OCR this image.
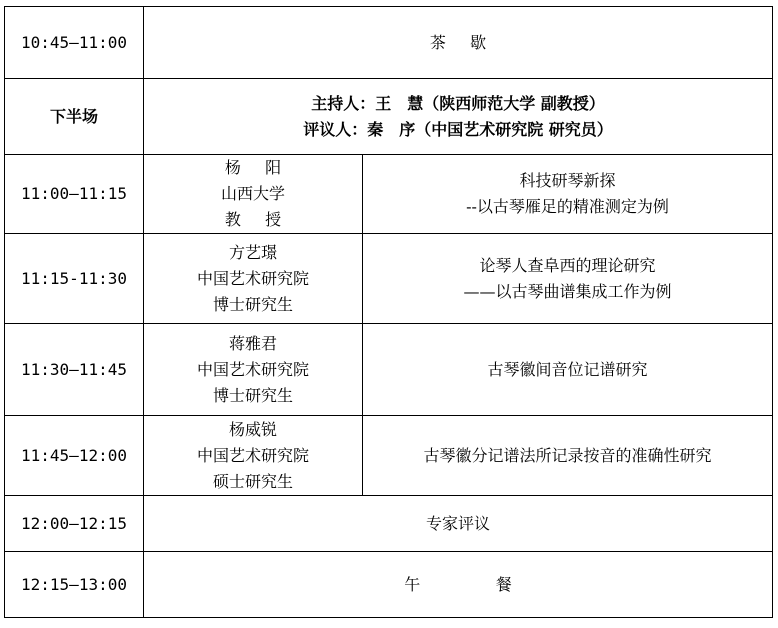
10:45—11:00	茶 歇	
下半场	主持人：王　慧（陕西师范大学 副教授）
评议人：秦　序（中国艺术研究院 研究员）	

11:00—11:15	杨 阳
山西大学
教 授	科技研琴新探
--以古琴雁足的精准测定为例

11:15-11:30	方艺璟
中国艺术研究院
博士研究生	论琴人查阜西的理论研究
——以古琴曲谱集成工作为例

11:30—11:45	蒋雅君
中国艺术研究院
博士研究生	古琴徽间音位记谱研究

11:45—12:00	杨威锐
中国艺术研究院
硕士研究生	古琴徽分记谱法所记录按音的准确性研究

12:00—12:15	专家评议	
12:15—13:00	午 餐	
